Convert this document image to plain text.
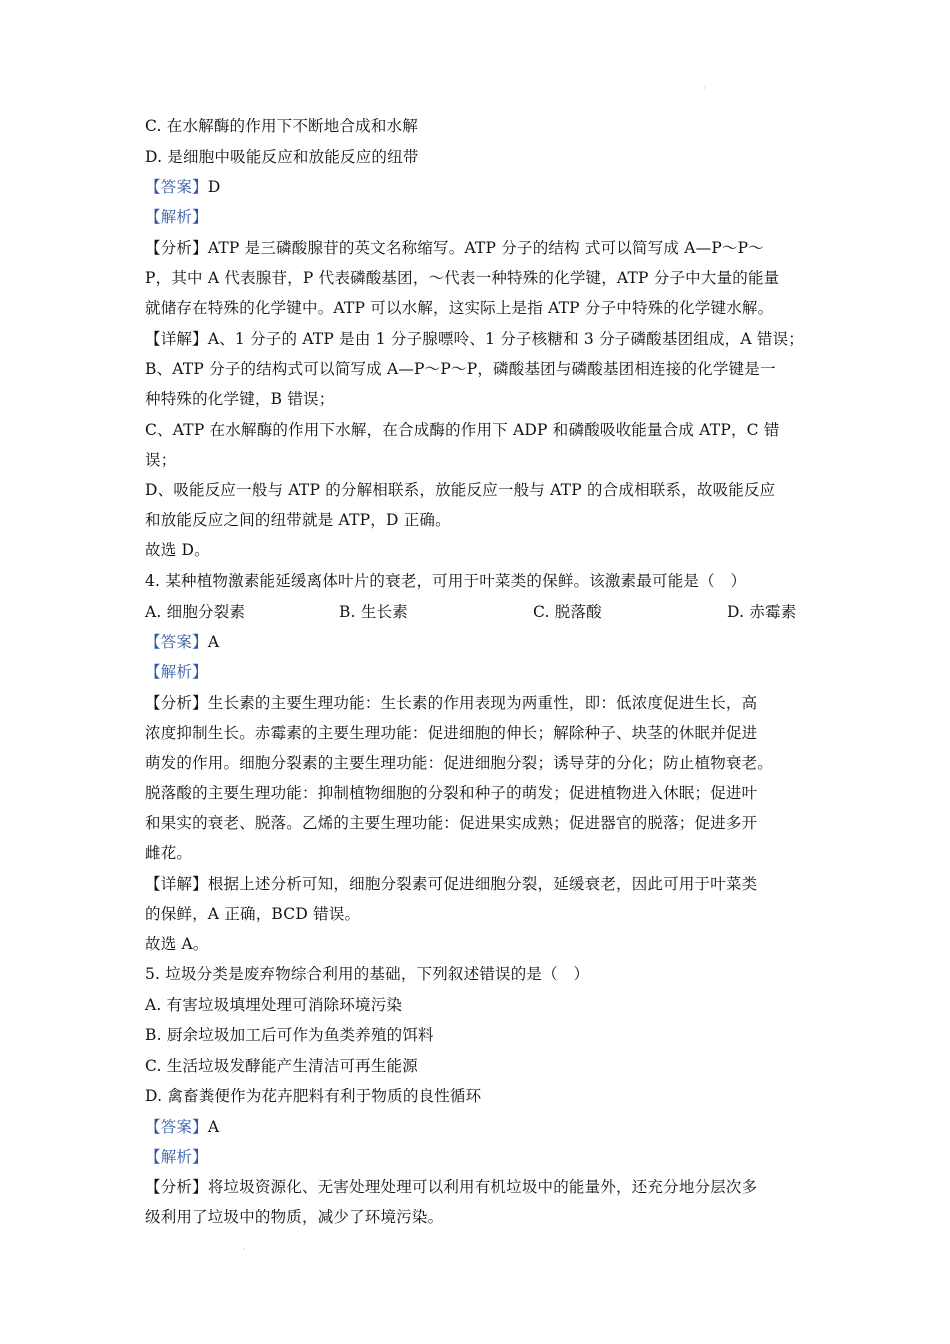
·
C. 在水解酶的作用下不断地合成和水解
D. 是细胞中吸能反应和放能反应的纽带
【答案】D
【解析】
【分析】ATP 是三磷酸腺苷的英文名称缩写。ATP 分子的结构 式可以简写成 A—P～P～
P，其中 A 代表腺苷，P 代表磷酸基团，～代表一种特殊的化学键，ATP 分子中大量的能量
就储存在特殊的化学键中。ATP 可以水解，这实际上是指 ATP 分子中特殊的化学键水解。
【详解】A、1 分子的 ATP 是由 1 分子腺嘌呤、1 分子核糖和 3 分子磷酸基团组成，A 错误；
B、ATP 分子的结构式可以简写成 A—P～P～P，磷酸基团与磷酸基团相连接的化学键是一
种特殊的化学键，B 错误；
C、ATP 在水解酶的作用下水解，在合成酶的作用下 ADP 和磷酸吸收能量合成 ATP，C 错
误；
D、吸能反应一般与 ATP 的分解相联系，放能反应一般与 ATP 的合成相联系，故吸能反应
和放能反应之间的纽带就是 ATP，D 正确。
故选 D。
4. 某种植物激素能延缓离体叶片的衰老，可用于叶菜类的保鲜。该激素最可能是（　）
A. 细胞分裂素	B. 生长素	C. 脱落酸	D. 赤霉素
【答案】A
【解析】
【分析】生长素的主要生理功能：生长素的作用表现为两重性，即：低浓度促进生长，高
浓度抑制生长。赤霉素的主要生理功能：促进细胞的伸长；解除种子、块茎的休眠并促进
萌发的作用。细胞分裂素的主要生理功能：促进细胞分裂；诱导芽的分化；防止植物衰老。
脱落酸的主要生理功能：抑制植物细胞的分裂和种子的萌发；促进植物进入休眠；促进叶
和果实的衰老、脱落。乙烯的主要生理功能：促进果实成熟；促进器官的脱落；促进多开
雌花。
【详解】根据上述分析可知，细胞分裂素可促进细胞分裂，延缓衰老，因此可用于叶菜类
的保鲜，A 正确，BCD 错误。
故选 A。
5. 垃圾分类是废弃物综合利用的基础，下列叙述错误的是（　）
A. 有害垃圾填埋处理可消除环境污染
B. 厨余垃圾加工后可作为鱼类养殖的饵料
C. 生活垃圾发酵能产生清洁可再生能源
D. 禽畜粪便作为花卉肥料有利于物质的良性循环
【答案】A
【解析】
【分析】将垃圾资源化、无害处理处理可以利用有机垃圾中的能量外，还充分地分层次多
级利用了垃圾中的物质，减少了环境污染。
·
